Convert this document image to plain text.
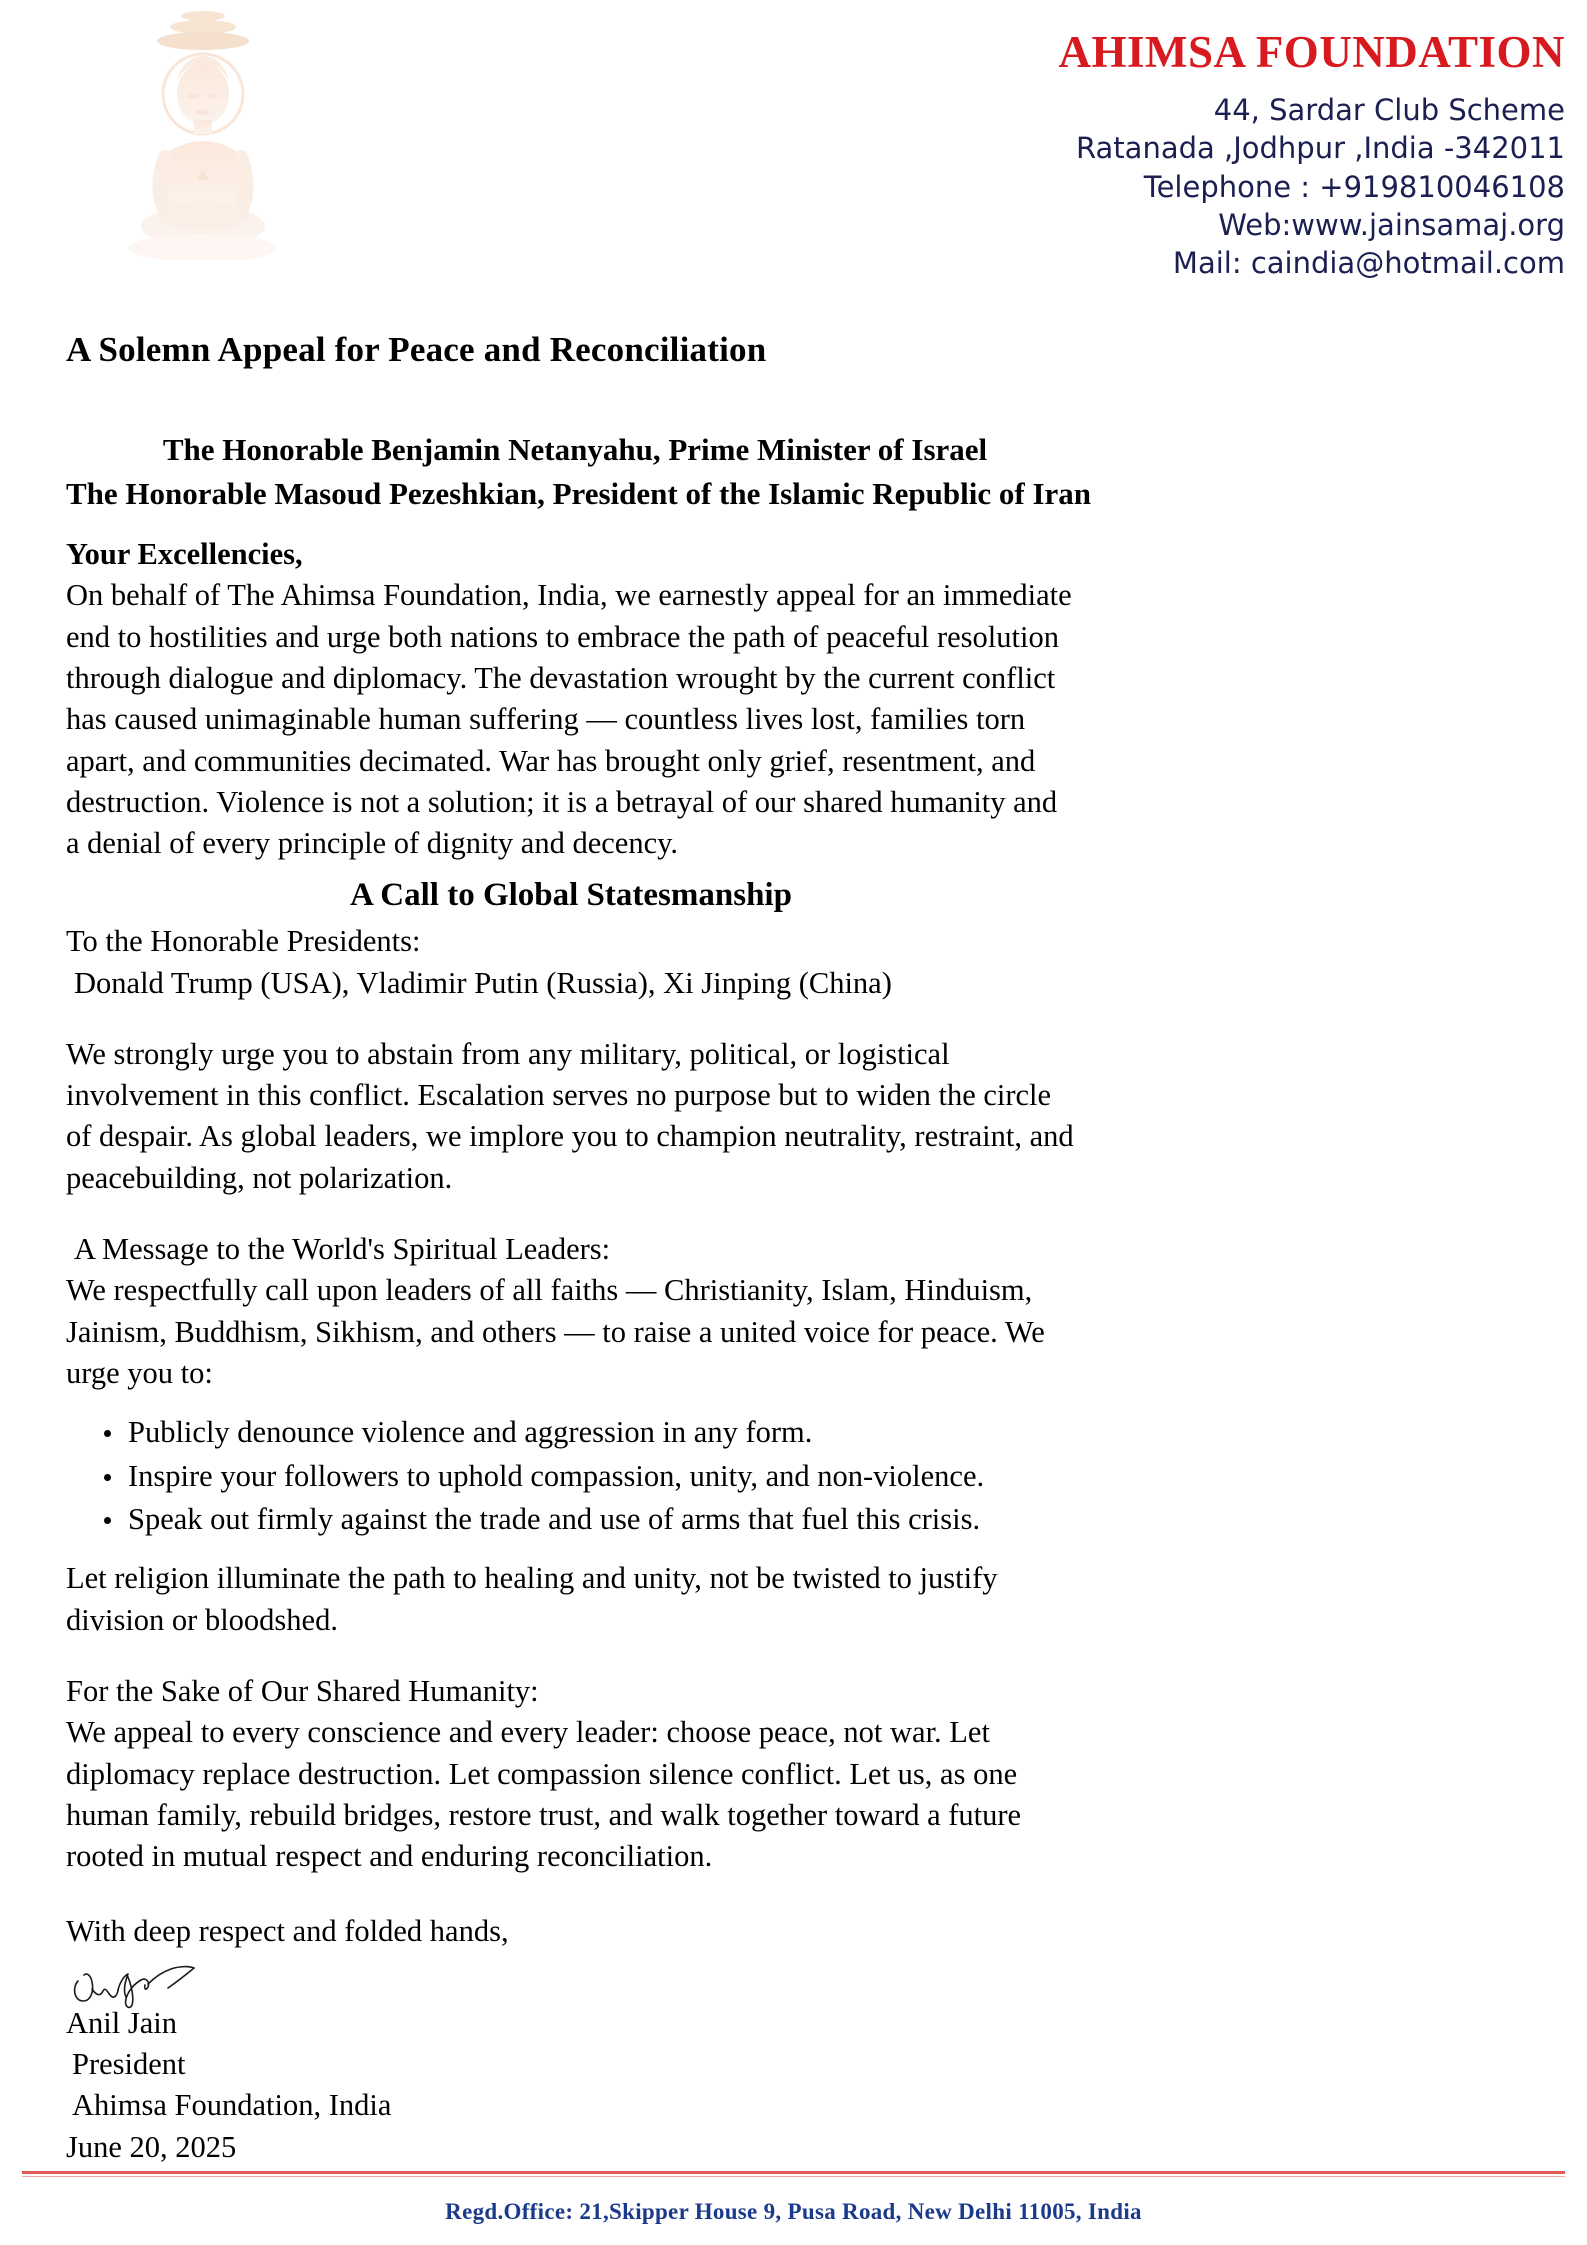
AHIMSA FOUNDATION
44, Sardar Club Scheme
Ratanada ,Jodhpur ,India -342011
Telephone : +919810046108
Web:www.jainsamaj.org
Mail: caindia@hotmail.com
A Solemn Appeal for Peace and Reconciliation
The Honorable Benjamin Netanyahu, Prime Minister of Israel
The Honorable Masoud Pezeshkian, President of the Islamic Republic of Iran
Your Excellencies,

On behalf of The Ahimsa Foundation, India, we earnestly appeal for an immediate end to hostilities and urge both nations to embrace the path of peaceful resolution through dialogue and diplomacy. The devastation wrought by the current conflict has caused unimaginable human suffering — countless lives lost, families torn apart, and communities decimated. War has brought only grief, resentment, and destruction. Violence is not a solution; it is a betrayal of our shared humanity and a denial of every principle of dignity and decency.

A Call to Global Statesmanship

To the Honorable Presidents:

Donald Trump (USA), Vladimir Putin (Russia), Xi Jinping (China)

We strongly urge you to abstain from any military, political, or logistical involvement in this conflict. Escalation serves no purpose but to widen the circle of despair. As global leaders, we implore you to champion neutrality, restraint, and peacebuilding, not polarization.

A Message to the World's Spiritual Leaders:

We respectfully call upon leaders of all faiths — Christianity, Islam, Hinduism, Jainism, Buddhism, Sikhism, and others — to raise a united voice for peace. We urge you to:

Publicly denounce violence and aggression in any form.
Inspire your followers to uphold compassion, unity, and non-violence.
Speak out firmly against the trade and use of arms that fuel this crisis.

Let religion illuminate the path to healing and unity, not be twisted to justify division or bloodshed.

For the Sake of Our Shared Humanity:

We appeal to every conscience and every leader: choose peace, not war. Let diplomacy replace destruction. Let compassion silence conflict. Let us, as one human family, rebuild bridges, restore trust, and walk together toward a future rooted in mutual respect and enduring reconciliation.

With deep respect and folded hands,

Anil Jain

President

Ahimsa Foundation, India

June 20, 2025

Regd.Office: 21,Skipper House 9, Pusa Road, New Delhi 11005, India
